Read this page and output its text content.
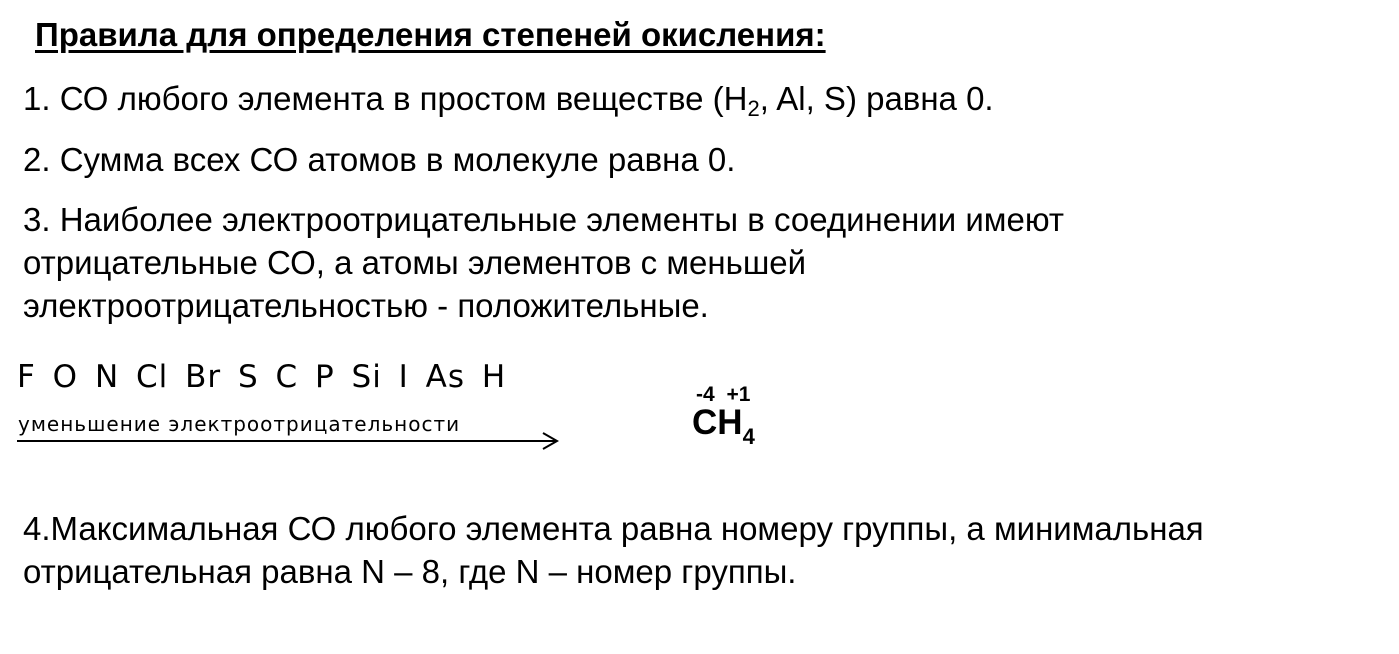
Правила для определения степеней окисления:
1. СО любого элемента в простом веществе ($H_2$, Al, S) равна 0.
2. Сумма всех СО атомов в молекуле равна 0.
3. Наиболее электроотрицательные элементы в соединении имеют
отрицательные СО, а атомы элементов с меньшей
электроотрицательностью - положительные.
F O N Cl Br S C P Si I As H
уменьшение электроотрицательности
-4 +1
$CH_4$
4.Максимальная СО любого элемента равна номеру группы, а минимальная
отрицательная равна N – 8, где N – номер группы.
